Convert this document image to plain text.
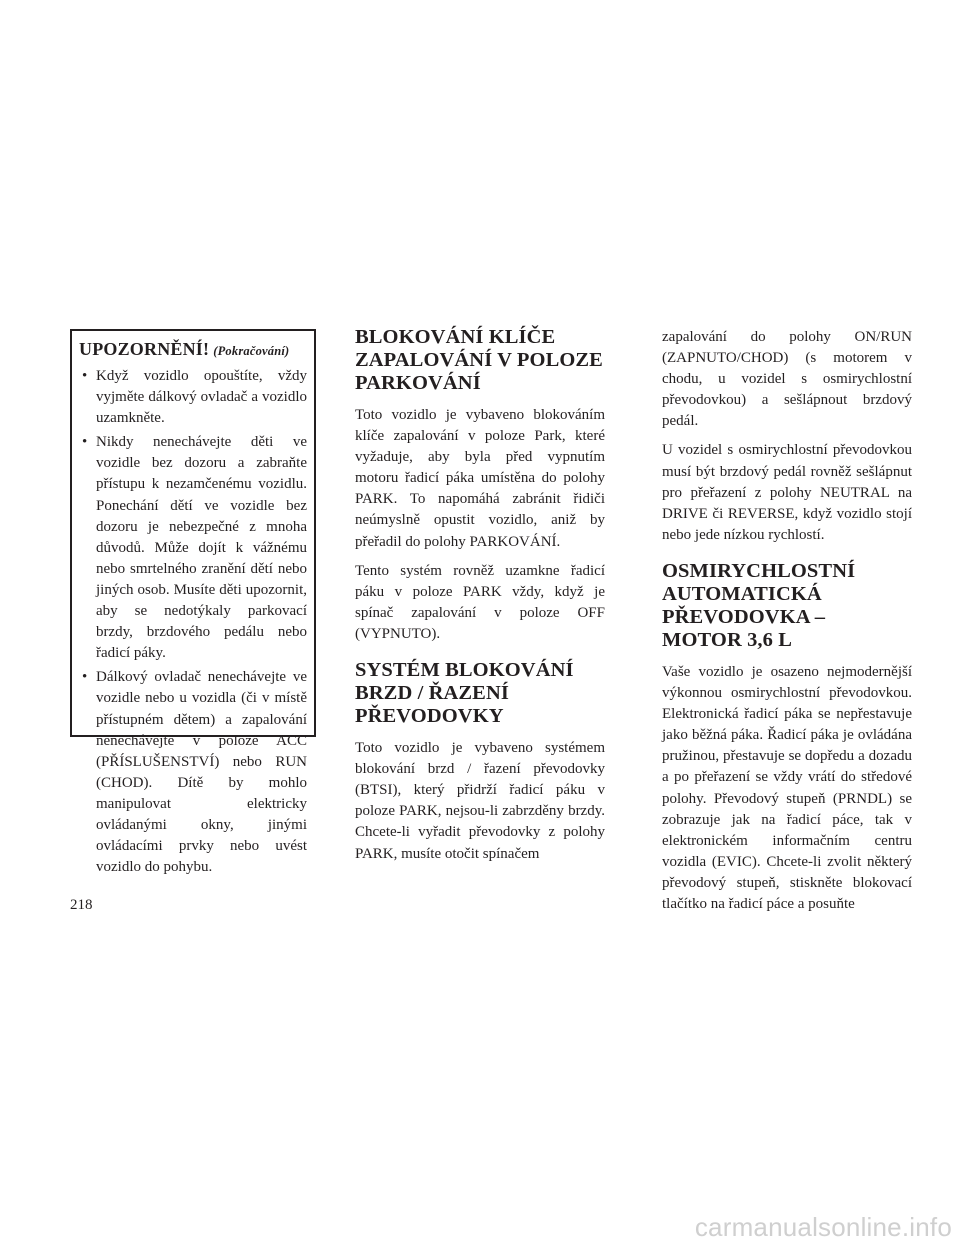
UPOZORNĚNÍ! (Pokračování)
• Když vozidlo opouštíte, vždy vyjměte dálkový ovladač a vozidlo uzamkněte.
• Nikdy nenechávejte děti ve vozidle bez dozoru a zabraňte přístupu k nezamčenému vozidlu. Ponechání dětí ve vozidle bez dozoru je nebezpečné z mnoha důvodů. Může dojít k vážnému nebo smrtelného zranění dětí nebo jiných osob. Musíte děti upozornit, aby se nedotýkaly parkovací brzdy, brzdového pedálu nebo řadicí páky.
• Dálkový ovladač nenechávejte ve vozidle nebo u vozidla (či v místě přístupném dětem) a zapalování nenechávejte v poloze ACC (PŘÍSLUŠENSTVÍ) nebo RUN (CHOD). Dítě by mohlo manipulovat elektricky ovládanými okny, jinými ovládacími prvky nebo uvést vozidlo do pohybu.
BLOKOVÁNÍ KLÍČE ZAPALOVÁNÍ V POLOZE PARKOVÁNÍ

Toto vozidlo je vybaveno blokováním klíče zapalování v poloze Park, které vyžaduje, aby byla před vypnutím motoru řadicí páka umístěna do polohy PARK. To napomáhá zabránit řidiči neúmyslně opustit vozidlo, aniž by přeřadil do polohy PARKOVÁNÍ.

Tento systém rovněž uzamkne řadicí páku v poloze PARK vždy, když je spínač zapalování v poloze OFF (VYPNUTO).

SYSTÉM BLOKOVÁNÍ BRZD / ŘAZENÍ PŘEVODOVKY

Toto vozidlo je vybaveno systémem blokování brzd / řazení převodovky (BTSI), který přidrží řadicí páku v poloze PARK, nejsou-li zabrzděny brzdy. Chcete-li vyřadit převodovky z polohy PARK, musíte otočit spínačem

zapalování do polohy ON/RUN (ZAPNUTO/CHOD) (s motorem v chodu, u vozidel s osmirychlostní převodovkou) a sešlápnout brzdový pedál.

U vozidel s osmirychlostní převodovkou musí být brzdový pedál rovněž sešlápnut pro přeřazení z polohy NEUTRAL na DRIVE či REVERSE, když vozidlo stojí nebo jede nízkou rychlostí.

OSMIRYCHLOSTNÍ AUTOMATICKÁ PŘEVODOVKA – MOTOR 3,6 L

Vaše vozidlo je osazeno nejmodernější výkonnou osmirychlostní převodovkou. Elektronická řadicí páka se nepřestavuje jako běžná páka. Řadicí páka je ovládána pružinou, přestavuje se dopředu a dozadu a po přeřazení se vždy vrátí do středové polohy. Převodový stupeň (PRNDL) se zobrazuje jak na řadicí páce, tak v elektronickém informačním centru vozidla (EVIC). Chcete-li zvolit některý převodový stupeň, stiskněte blokovací tlačítko na řadicí páce a posuňte

218
carmanualsonline.info
